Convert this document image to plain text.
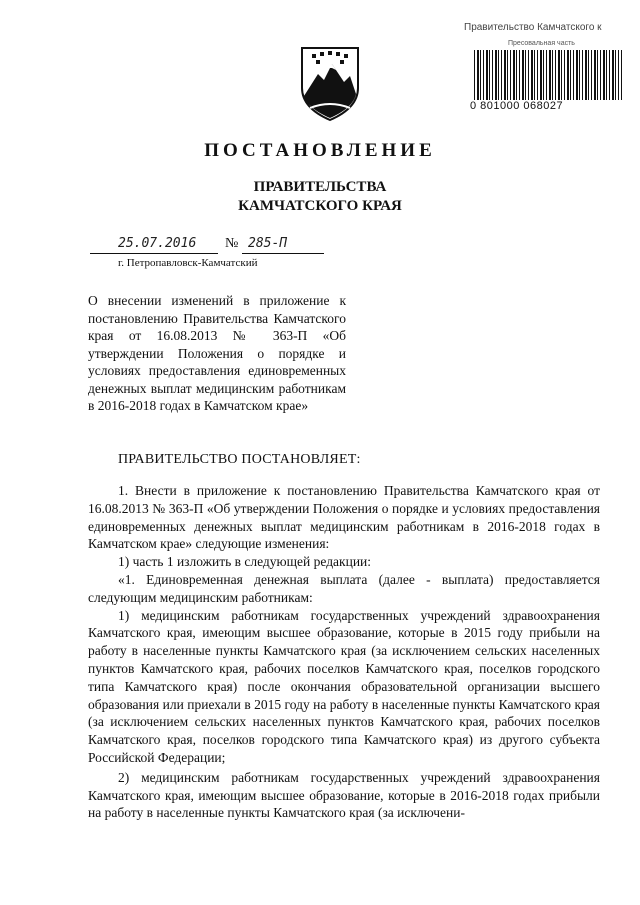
Правительство Камчатского к
Пресовальная часть
0 801000 068027
ПОСТАНОВЛЕНИЕ
ПРАВИТЕЛЬСТВА
КАМЧАТСКОГО КРАЯ
25.07.2016 № 285-П
г. Петропавловск-Камчатский
О внесении изменений в приложение к постановлению Правительства Камчатского края от 16.08.2013 № 363-П «Об утверждении Положения о порядке и условиях предоставления единовременных денежных выплат медицинским работникам в 2016-2018 годах в Камчатском крае»
ПРАВИТЕЛЬСТВО ПОСТАНОВЛЯЕТ:

1. Внести в приложение к постановлению Правительства Камчатского края от 16.08.2013 № 363-П «Об утверждении Положения о порядке и условиях предоставления единовременных денежных выплат медицинским работникам в 2016-2018 годах в Камчатском крае» следующие изменения:

1) часть 1 изложить в следующей редакции:

«1. Единовременная денежная выплата (далее - выплата) предоставляется следующим медицинским работникам:

1) медицинским работникам государственных учреждений здравоохранения Камчатского края, имеющим высшее образование, которые в 2015 году прибыли на работу в населенные пункты Камчатского края (за исключением сельских населенных пунктов Камчатского края, рабочих поселков Камчатского края, поселков городского типа Камчатского края) после окончания образовательной организации высшего образования или приехали в 2015 году на работу в населенные пункты Камчатского края (за исключением сельских населенных пунктов Камчатского края, рабочих поселков Камчатского края, поселков городского типа Камчатского края) из другого субъекта Российской Федерации;

2) медицинским работникам государственных учреждений здравоохранения Камчатского края, имеющим высшее образование, которые в 2016-2018 годах прибыли на работу в населенные пункты Камчатского края (за исключени-
